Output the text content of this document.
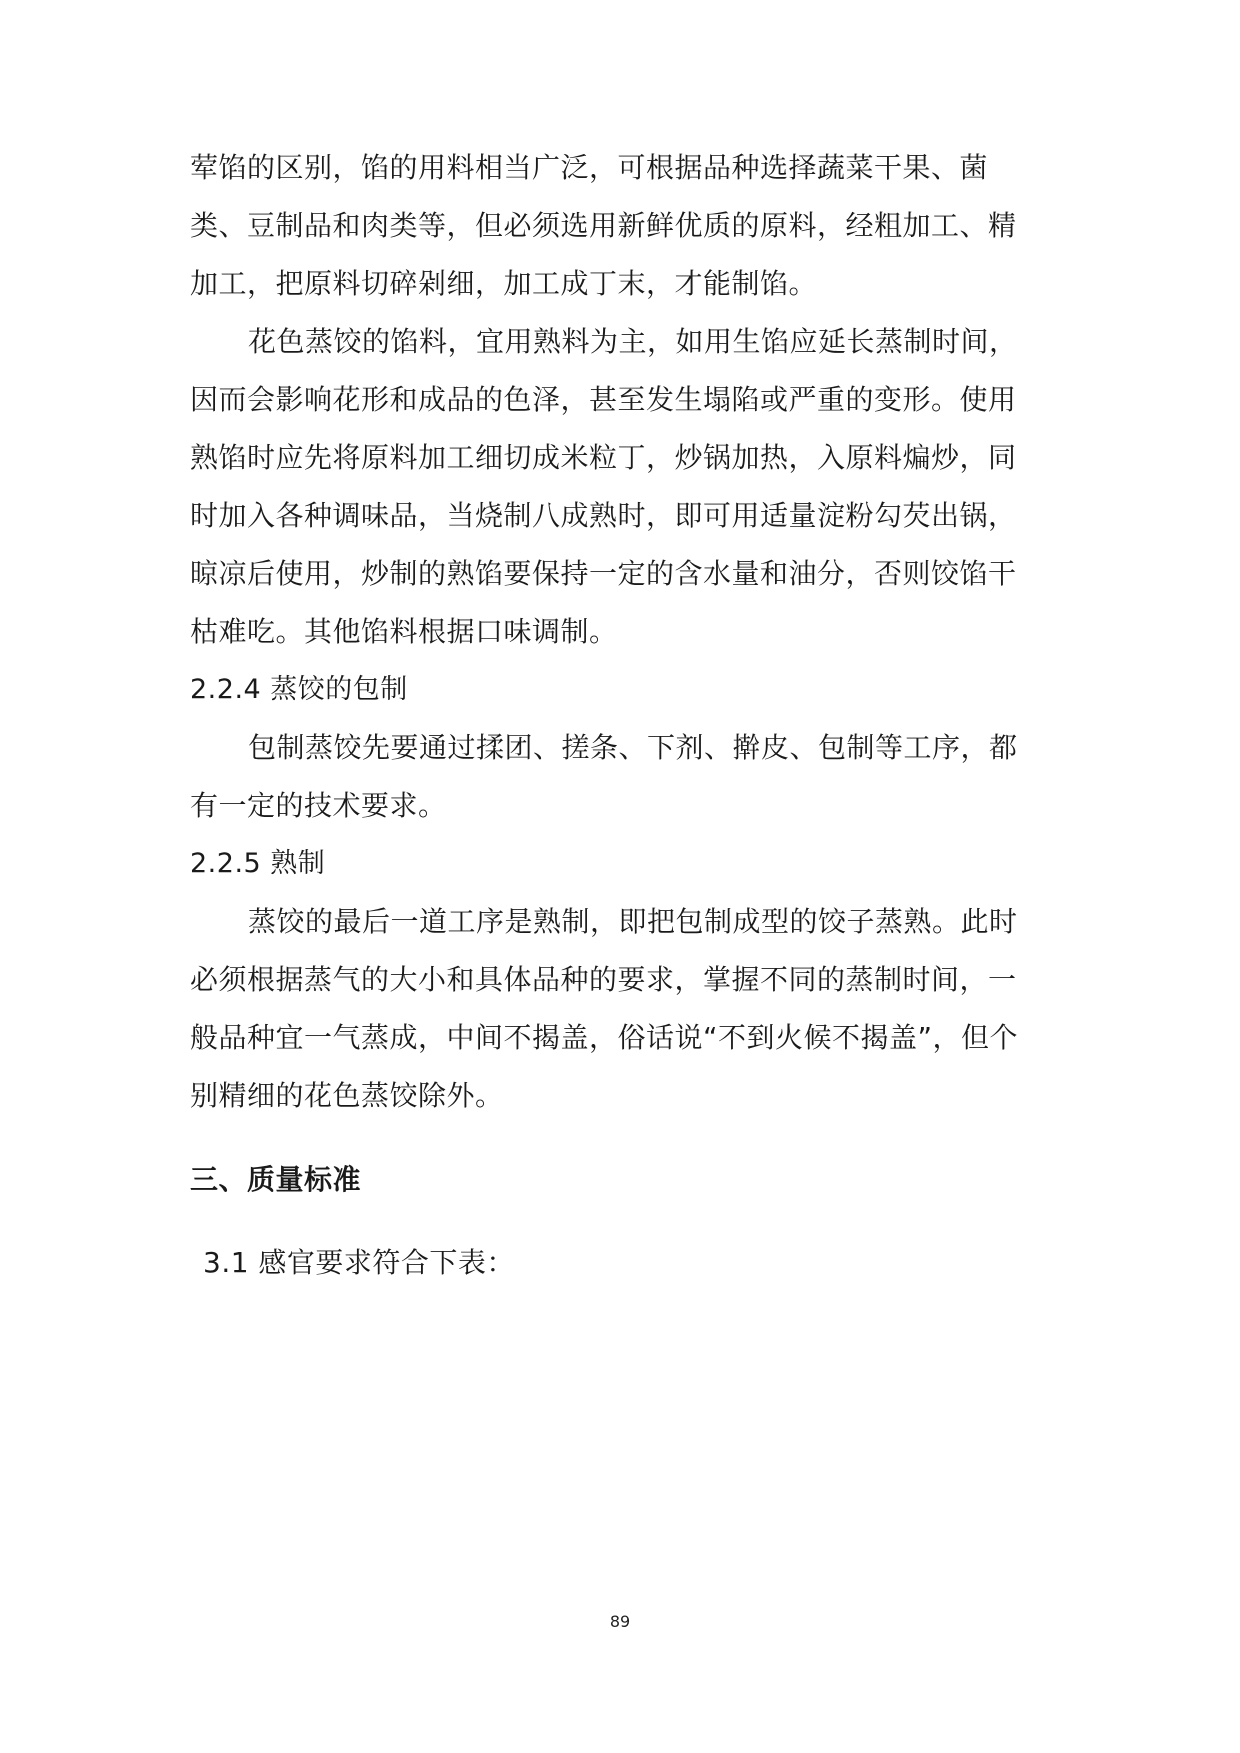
荤馅的区别，馅的用料相当广泛，可根据品种选择蔬菜干果、菌
类、豆制品和肉类等，但必须选用新鲜优质的原料，经粗加工、精
加工，把原料切碎剁细，加工成丁末，才能制馅。
花色蒸饺的馅料，宜用熟料为主，如用生馅应延长蒸制时间，
因而会影响花形和成品的色泽，甚至发生塌陷或严重的变形。使用
熟馅时应先将原料加工细切成米粒丁，炒锅加热，入原料煸炒，同
时加入各种调味品，当烧制八成熟时，即可用适量淀粉勾芡出锅，
晾凉后使用，炒制的熟馅要保持一定的含水量和油分，否则饺馅干
枯难吃。其他馅料根据口味调制。
2.2.4 蒸饺的包制
包制蒸饺先要通过揉团、搓条、下剂、擀皮、包制等工序，都
有一定的技术要求。
2.2.5 熟制
蒸饺的最后一道工序是熟制，即把包制成型的饺子蒸熟。此时
必须根据蒸气的大小和具体品种的要求，掌握不同的蒸制时间，一
般品种宜一气蒸成，中间不揭盖，俗话说“不到火候不揭盖”，但个
别精细的花色蒸饺除外。
三、质量标准
3.1 感官要求符合下表：
89
